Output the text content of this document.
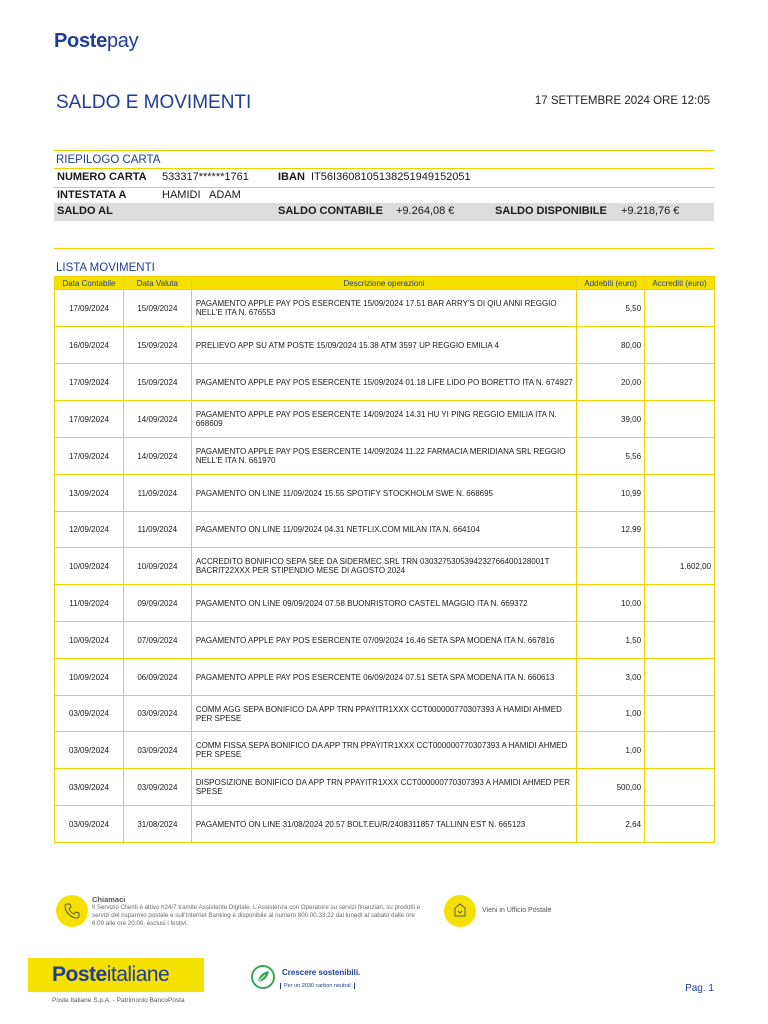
Postepay
SALDO E MOVIMENTI	17 SETTEMBRE 2024 ORE 12:05
RIEPILOGO CARTA
NUMERO CARTA 533317******1761	IBAN IT56I3608105138251949152051
INTESTATA A	HAMIDI   ADAM
SALDO AL	SALDO CONTABILE +9.264,08 €	SALDO DISPONIBILE +9.218,76 €
LISTA MOVIMENTI
Data Contabile	Data Valuta	Descrizione operazioni	Addebiti (euro)	Accrediti (euro)
17/09/2024	15/09/2024	PAGAMENTO APPLE PAY POS ESERCENTE 15/09/2024 17.51 BAR ARRY'S DI QIU ANNI REGGIO NELL'E ITA N. 676553	5,50	
16/09/2024	15/09/2024	PRELIEVO APP SU ATM POSTE 15/09/2024 15.38 ATM 3597 UP REGGIO EMILIA 4	80,00	
17/09/2024	15/09/2024	PAGAMENTO APPLE PAY POS ESERCENTE 15/09/2024 01.18 LIFE LIDO PO BORETTO ITA N. 674927	20,00	
17/09/2024	14/09/2024	PAGAMENTO APPLE PAY POS ESERCENTE 14/09/2024 14.31 HU YI PING REGGIO EMILIA ITA N. 668609	39,00	
17/09/2024	14/09/2024	PAGAMENTO APPLE PAY POS ESERCENTE 14/09/2024 11.22 FARMACIA MERIDIANA SRL REGGIO NELL'E ITA N. 661970	5,56	
13/09/2024	11/09/2024	PAGAMENTO ON LINE 11/09/2024 15.55 SPOTIFY STOCKHOLM SWE N. 668695	10,99	
12/09/2024	11/09/2024	PAGAMENTO ON LINE 11/09/2024 04.31 NETFLIX.COM MILAN ITA N. 664104	12,99	
10/09/2024	10/09/2024	ACCREDITO BONIFICO SEPA SEE DA SIDERMEC SRL TRN 0303275305394232766400128001T BACRIT22XXX PER STIPENDIO MESE DI AGOSTO 2024		1.602,00
11/09/2024	09/09/2024	PAGAMENTO ON LINE 09/09/2024 07.58 BUONRISTORO CASTEL MAGGIO ITA N. 669372	10,00	
10/09/2024	07/09/2024	PAGAMENTO APPLE PAY POS ESERCENTE 07/09/2024 16.46 SETA SPA MODENA ITA N. 667816	1,50	
10/09/2024	06/09/2024	PAGAMENTO APPLE PAY POS ESERCENTE 06/09/2024 07.51 SETA SPA MODENA ITA N. 660613	3,00	
03/09/2024	03/09/2024	COMM AGG SEPA BONIFICO DA APP TRN PPAYITR1XXX CCT000000770307393 A HAMIDI AHMED PER SPESE	1,00	
03/09/2024	03/09/2024	COMM FISSA SEPA BONIFICO DA APP TRN PPAYITR1XXX CCT000000770307393 A HAMIDI AHMED PER SPESE	1,00	
03/09/2024	03/09/2024	DISPOSIZIONE BONIFICO DA APP TRN PPAYITR1XXX CCT000000770307393 A HAMIDI AHMED PER SPESE	500,00	
03/09/2024	31/08/2024	PAGAMENTO ON LINE 31/08/2024 20.57 BOLT.EU/R/2408311857 TALLINN EST N. 665123	2,64	
Chiamaci
Il Servizio Clienti è attivo h24/7 tramite Assistente Digitale. L'Assistenza con Operatore su servizi finanziari, su prodotti e servizi del risparmio postale e sull'Internet Banking è disponibile al numero 800.00.33.22 dal lunedì al sabato dalle ore 8:00 alle ore 20:00, esclusi i festivi.
Vieni in Ufficio Postale
Posteitaliane
Poste Italiane S.p.A. - Patrimonio BancoPosta
Crescere sostenibili.
Per un 2030 carbon neutral	Pag. 1
